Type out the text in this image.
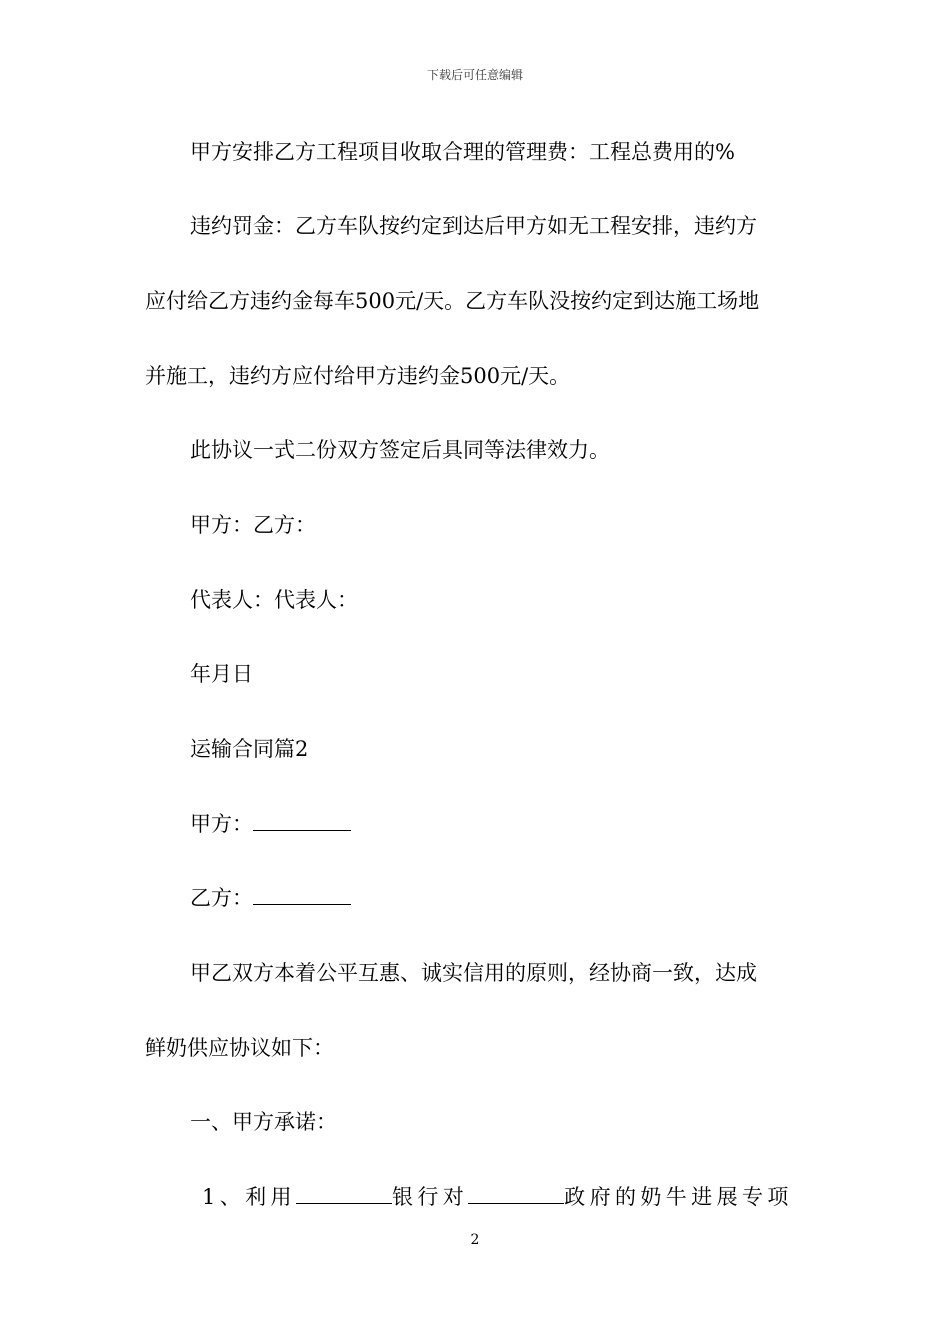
下载后可任意编辑
甲方安排乙方工程项目收取合理的管理费：工程总费用的%
违约罚金：乙方车队按约定到达后甲方如无工程安排，违约方
应付给乙方违约金每车500元/天。乙方车队没按约定到达施工场地
并施工，违约方应付给甲方违约金500元/天。
此协议一式二份双方签定后具同等法律效力。
甲方：乙方：
代表人：代表人：
年月日
运输合同篇2
甲方：
乙方：
甲乙双方本着公平互惠、诚实信用的原则，经协商一致，达成
鲜奶供应协议如下：
一、甲方承诺：
1、利用	银行对	政府的奶牛进展专项
2
